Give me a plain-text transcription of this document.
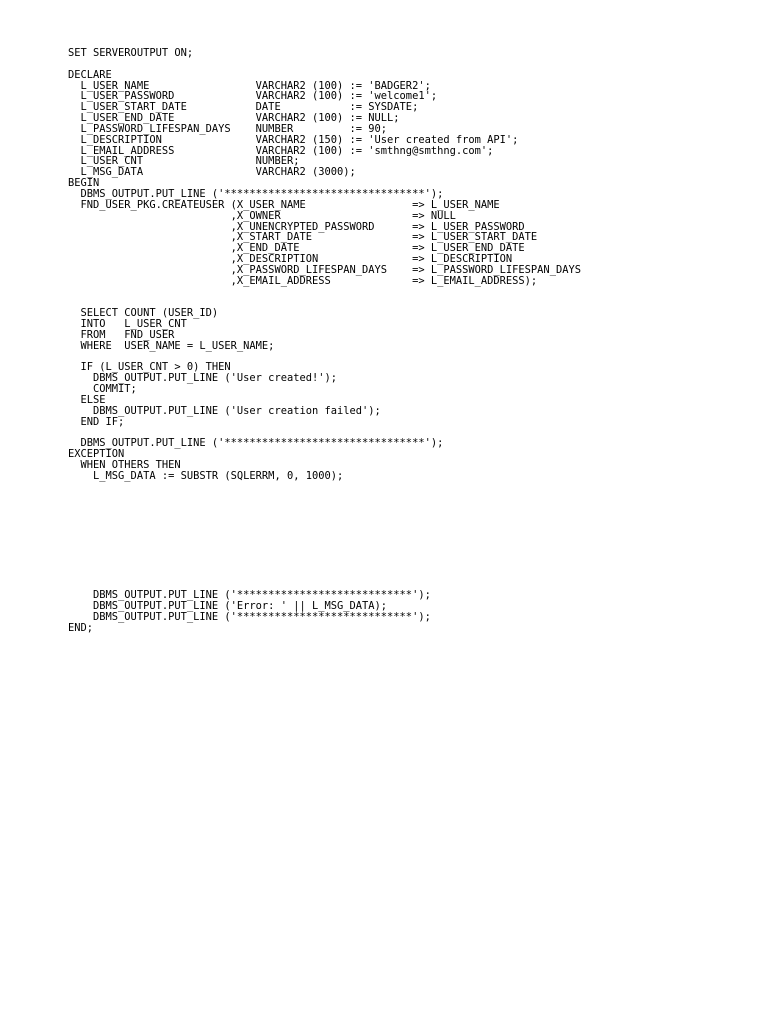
SET SERVEROUTPUT ON;
DECLARE
L_USER_NAME                 VARCHAR2 (100) := 'BADGER2';
L_USER_PASSWORD             VARCHAR2 (100) := 'welcome1';
L_USER_START_DATE           DATE           := SYSDATE;
L_USER_END_DATE             VARCHAR2 (100) := NULL;
L_PASSWORD_LIFESPAN_DAYS    NUMBER         := 90;
L_DESCRIPTION               VARCHAR2 (150) := 'User created from API';
L_EMAIL_ADDRESS             VARCHAR2 (100) := 'smthng@smthng.com';
L_USER_CNT                  NUMBER;
L_MSG_DATA                  VARCHAR2 (3000);
BEGIN
DBMS_OUTPUT.PUT_LINE ('********************************');
FND_USER_PKG.CREATEUSER (X_USER_NAME                 => L_USER_NAME
,X_OWNER                     => NULL
,X_UNENCRYPTED_PASSWORD      => L_USER_PASSWORD
,X_START_DATE                => L_USER_START_DATE
,X_END_DATE                  => L_USER_END_DATE
,X_DESCRIPTION               => L_DESCRIPTION
,X_PASSWORD_LIFESPAN_DAYS    => L_PASSWORD_LIFESPAN_DAYS
,X_EMAIL_ADDRESS             => L_EMAIL_ADDRESS);
SELECT COUNT (USER_ID)
INTO   L_USER_CNT
FROM   FND_USER
WHERE  USER_NAME = L_USER_NAME;
IF (L_USER_CNT > 0) THEN
DBMS_OUTPUT.PUT_LINE ('User created!');
COMMIT;
ELSE
DBMS_OUTPUT.PUT_LINE ('User creation failed');
END IF;
DBMS_OUTPUT.PUT_LINE ('********************************');
EXCEPTION
WHEN OTHERS THEN
L_MSG_DATA := SUBSTR (SQLERRM, 0, 1000);
DBMS_OUTPUT.PUT_LINE ('****************************');
DBMS_OUTPUT.PUT_LINE ('Error: ' || L_MSG_DATA);
DBMS_OUTPUT.PUT_LINE ('****************************');
END;
